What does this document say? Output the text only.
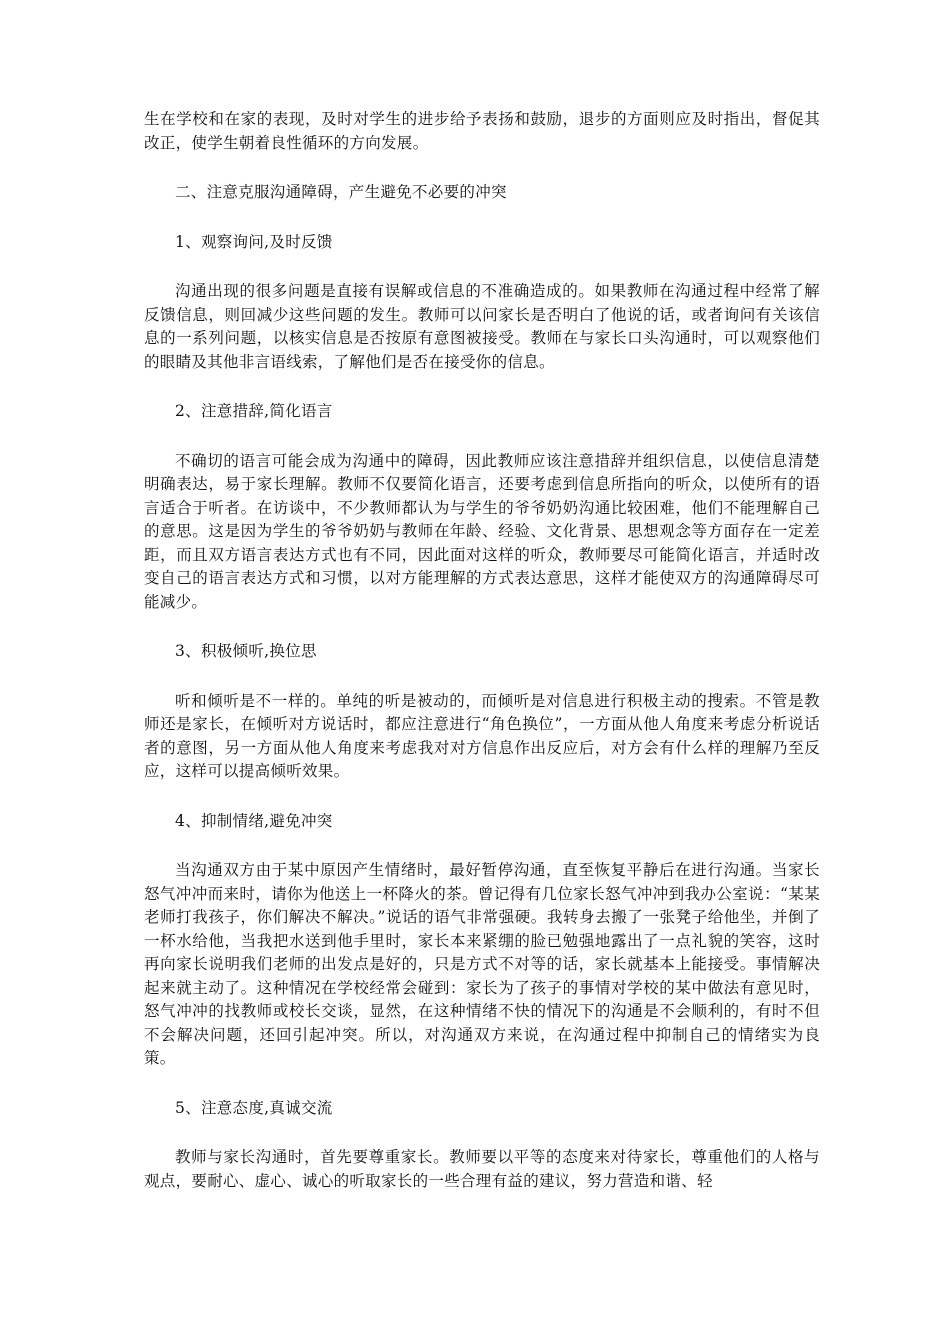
生在学校和在家的表现，及时对学生的进步给予表扬和鼓励，退步的方面则应及时指出，督促其改正，使学生朝着良性循环的方向发展。

二、注意克服沟通障碍，产生避免不必要的冲突

1、观察询问,及时反馈

沟通出现的很多问题是直接有误解或信息的不准确造成的。如果教师在沟通过程中经常了解反馈信息，则回减少这些问题的发生。教师可以问家长是否明白了他说的话，或者询问有关该信息的一系列问题，以核实信息是否按原有意图被接受。教师在与家长口头沟通时，可以观察他们的眼睛及其他非言语线索，了解他们是否在接受你的信息。

2、注意措辞,简化语言

不确切的语言可能会成为沟通中的障碍，因此教师应该注意措辞并组织信息，以使信息清楚明确表达，易于家长理解。教师不仅要简化语言，还要考虑到信息所指向的听众，以使所有的语言适合于听者。在访谈中，不少教师都认为与学生的爷爷奶奶沟通比较困难，他们不能理解自己的意思。这是因为学生的爷爷奶奶与教师在年龄、经验、文化背景、思想观念等方面存在一定差距，而且双方语言表达方式也有不同，因此面对这样的听众，教师要尽可能简化语言，并适时改变自己的语言表达方式和习惯，以对方能理解的方式表达意思，这样才能使双方的沟通障碍尽可能减少。

3、积极倾听,换位思

听和倾听是不一样的。单纯的听是被动的，而倾听是对信息进行积极主动的搜索。不管是教师还是家长，在倾听对方说话时，都应注意进行“角色换位”，一方面从他人角度来考虑分析说话者的意图，另一方面从他人角度来考虑我对对方信息作出反应后，对方会有什么样的理解乃至反应，这样可以提高倾听效果。

4、抑制情绪,避免冲突

当沟通双方由于某中原因产生情绪时，最好暂停沟通，直至恢复平静后在进行沟通。当家长怒气冲冲而来时，请你为他送上一杯降火的茶。曾记得有几位家长怒气冲冲到我办公室说：“某某老师打我孩子，你们解决不解决。”说话的语气非常强硬。我转身去搬了一张凳子给他坐，并倒了一杯水给他，当我把水送到他手里时，家长本来紧绷的脸已勉强地露出了一点礼貌的笑容，这时再向家长说明我们老师的出发点是好的，只是方式不对等的话，家长就基本上能接受。事情解决起来就主动了。这种情况在学校经常会碰到：家长为了孩子的事情对学校的某中做法有意见时，怒气冲冲的找教师或校长交谈，显然，在这种情绪不快的情况下的沟通是不会顺利的，有时不但不会解决问题，还回引起冲突。所以，对沟通双方来说，在沟通过程中抑制自己的情绪实为良策。

5、注意态度,真诚交流

教师与家长沟通时，首先要尊重家长。教师要以平等的态度来对待家长，尊重他们的人格与观点，要耐心、虚心、诚心的听取家长的一些合理有益的建议，努力营造和谐、轻
